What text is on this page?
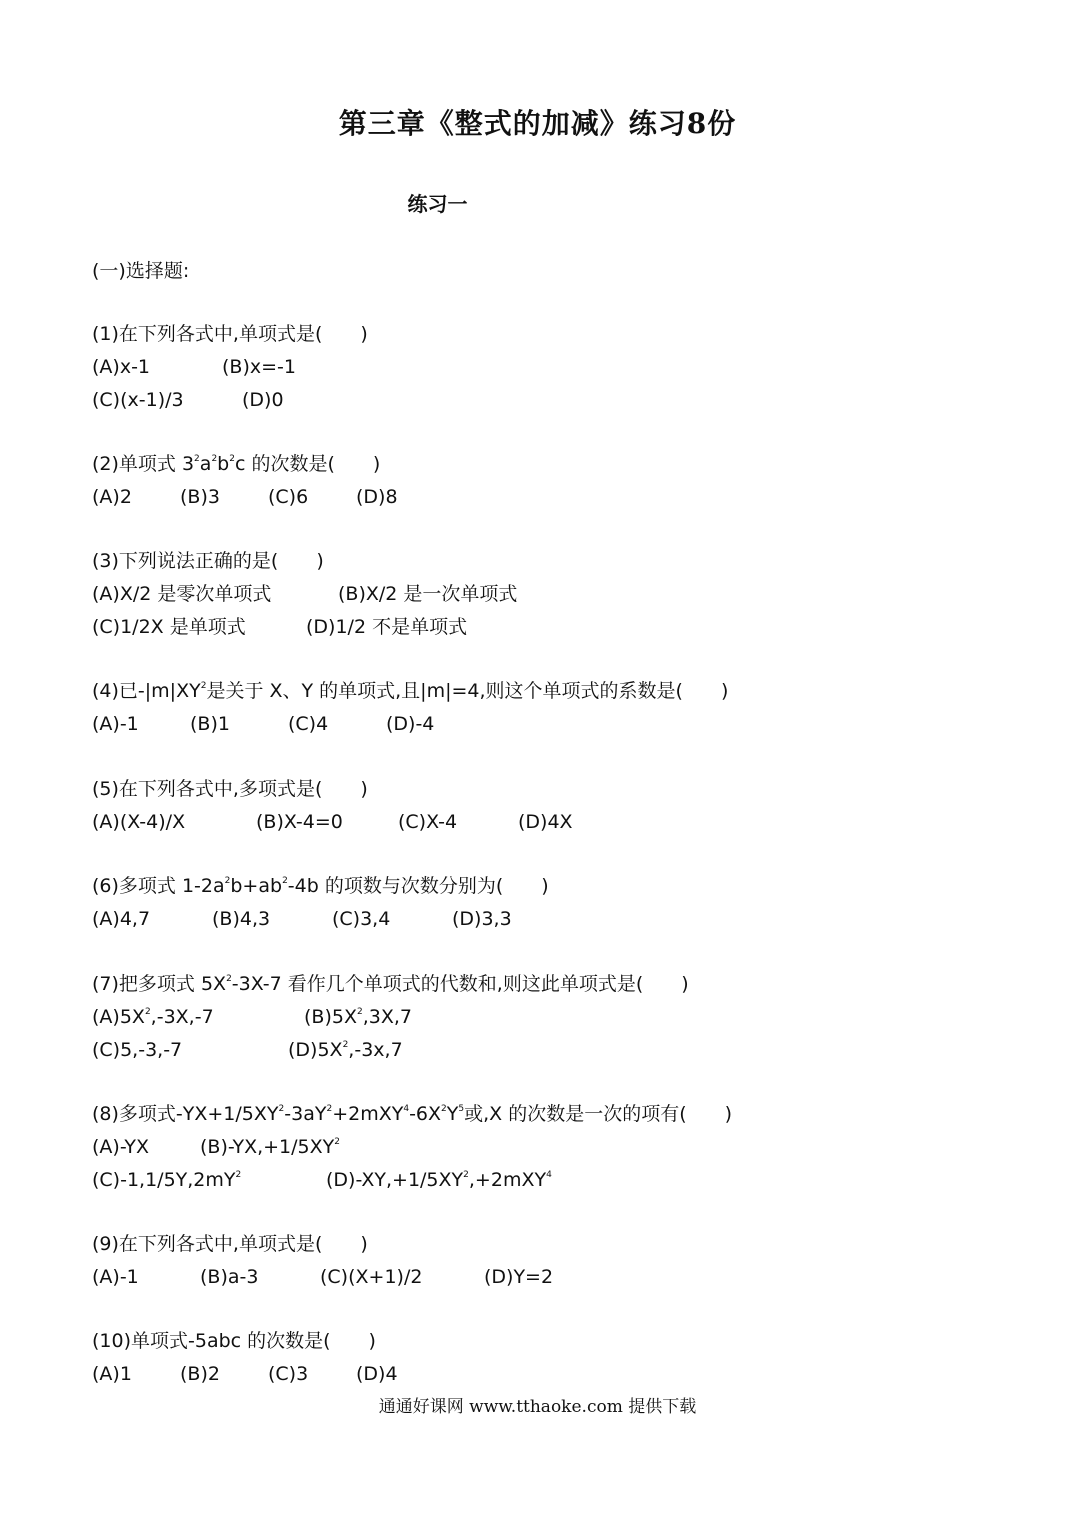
第三章《整式的加减》练习8份
练习一
(一)选择题:
(1)在下列各式中,单项式是(　　)
(A)x-1	(B)x=-1
(C)(x-1)/3	(D)0
(2)单项式 $3^2a^2b^2c$ 的次数是(　　)
(A)2	(B)3	(C)6	(D)8
(3)下列说法正确的是(　　)
(A)X/2 是零次单项式	(B)X/2 是一次单项式
(C)1/2X 是单项式	(D)1/2 不是单项式
(4)已$-|m|XY^2$是关于 X、Y 的单项式,且|m|=4,则这个单项式的系数是(　　)
(A)-1	(B)1	(C)4	(D)-4
(5)在下列各式中,多项式是(　　)
(A)(X-4)/X	(B)X-4=0	(C)X-4	(D)4X
(6)多项式 $1-2a^2b+ab^2-4b$ 的项数与次数分别为(　　)
(A)4,7	(B)4,3	(C)3,4	(D)3,3
(7)把多项式 $5X^2-3X-7$ 看作几个单项式的代数和,则这此单项式是(　　)
$(A)5X^2,-3X,-7$	$(B)5X^2,3X,7$
(C)5,-3,-7	$(D)5X^2,-3x,7$
(8)多项式$-YX+1/5XY^2-3aY^2+2mXY^4-6X^2Y^5$或,X 的次数是一次的项有(　　)
(A)-YX	$(B)-YX,+1/5XY^2$
$(C)-1,1/5Y,2mY^2$	$(D)-XY,+1/5XY^2,+2mXY^4$
(9)在下列各式中,单项式是(　　)
(A)-1	(B)a-3	(C)(X+1)/2	(D)Y=2
(10)单项式-5abc 的次数是(　　)
(A)1	(B)2	(C)3	(D)4
通通好课网 www.tthaoke.com 提供下载
